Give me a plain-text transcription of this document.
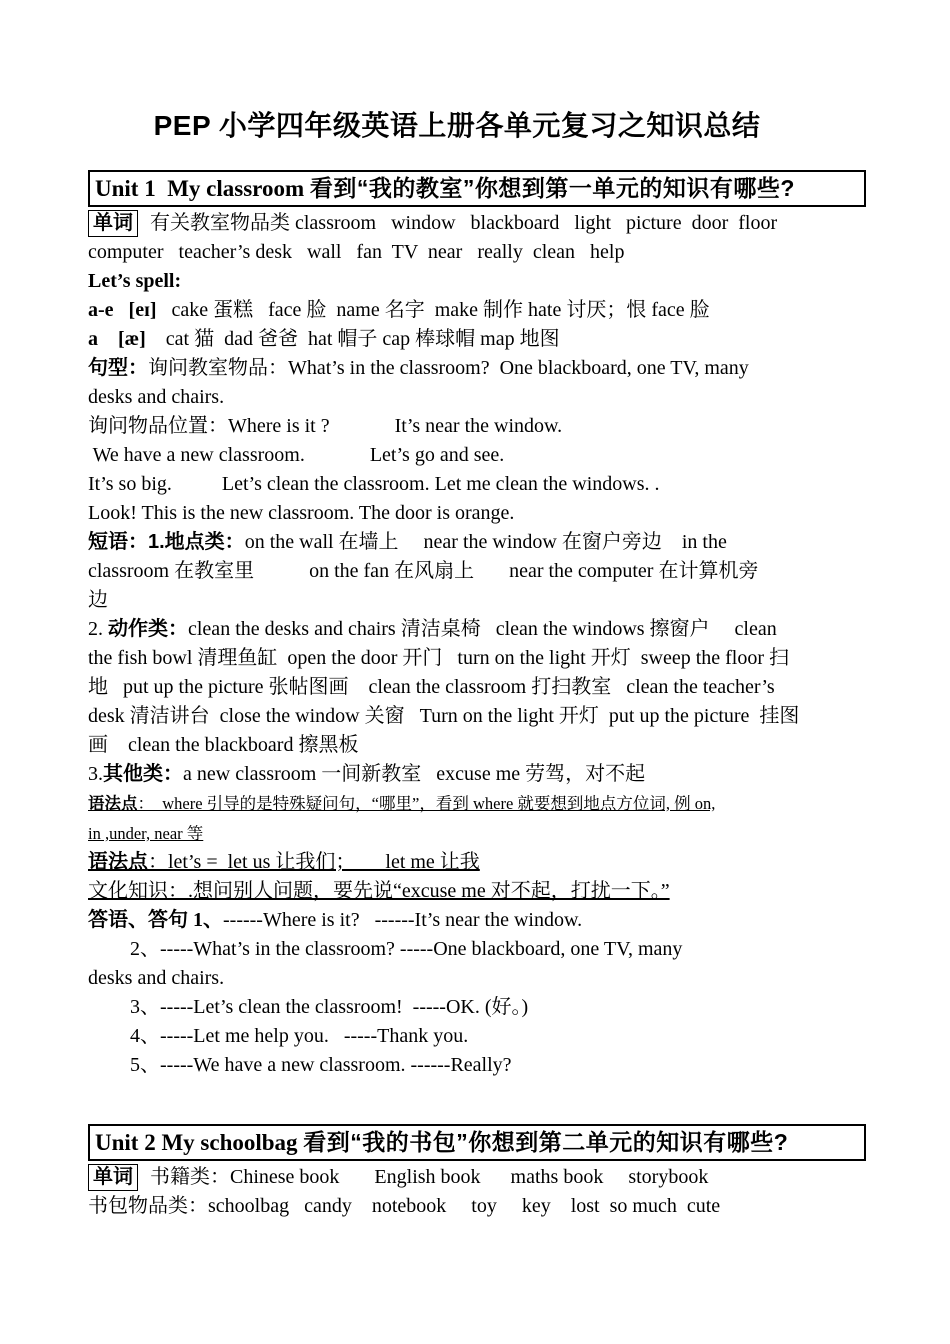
PEP 小学四年级英语上册各单元复习之知识总结
Unit 1  My classroom 看到“我的教室”你想到第一单元的知识有哪些?
单词  有关教室物品类 classroom   window   blackboard   light   picture  door  floor
computer   teacher’s desk   wall   fan  TV  near   really  clean   help
Let’s spell:
a-e   [eɪ]   cake 蛋糕   face 脸  name 名字  make 制作 hate 讨厌；恨 face 脸
a    [æ]    cat 猫  dad 爸爸  hat 帽子 cap 棒球帽 map 地图
句型：询问教室物品：What’s in the classroom?  One blackboard, one TV, many
desks and chairs.
询问物品位置：Where is it ?             It’s near the window.
We have a new classroom.             Let’s go and see.
It’s so big.          Let’s clean the classroom. Let me clean the windows. .
Look! This is the new classroom. The door is orange.
短语：1.地点类：on the wall 在墙上     near the window 在窗户旁边    in the
classroom 在教室里           on the fan 在风扇上       near the computer 在计算机旁
边
2. 动作类：clean the desks and chairs 清洁桌椅   clean the windows 擦窗户     clean
the fish bowl 清理鱼缸  open the door 开门   turn on the light 开灯  sweep the floor 扫
地   put up the picture 张帖图画    clean the classroom 打扫教室   clean the teacher’s
desk 清洁讲台  close the window 关窗   Turn on the light 开灯  put up the picture  挂图
画    clean the blackboard 擦黑板
3.其他类：a new classroom 一间新教室   excuse me 劳驾，对不起
语法点：  where 引导的是特殊疑问句，“哪里”，看到 where 就要想到地点方位词, 例 on,
in ,under, near 等
语法点：let’s =  let us 让我们；      let me 让我
文化知识：.想问别人问题，要先说“excuse me 对不起，打扰一下。”
答语、答句 1、------Where is it?   ------It’s near the window.
2、-----What’s in the classroom? -----One blackboard, one TV, many
desks and chairs.
3、-----Let’s clean the classroom!  -----OK. (好。)
4、-----Let me help you.   -----Thank you.
5、-----We have a new classroom. ------Really?
Unit 2 My schoolbag 看到“我的书包”你想到第二单元的知识有哪些?
单词  书籍类：Chinese book       English book      maths book     storybook
书包物品类：schoolbag   candy    notebook     toy     key    lost  so much  cute
